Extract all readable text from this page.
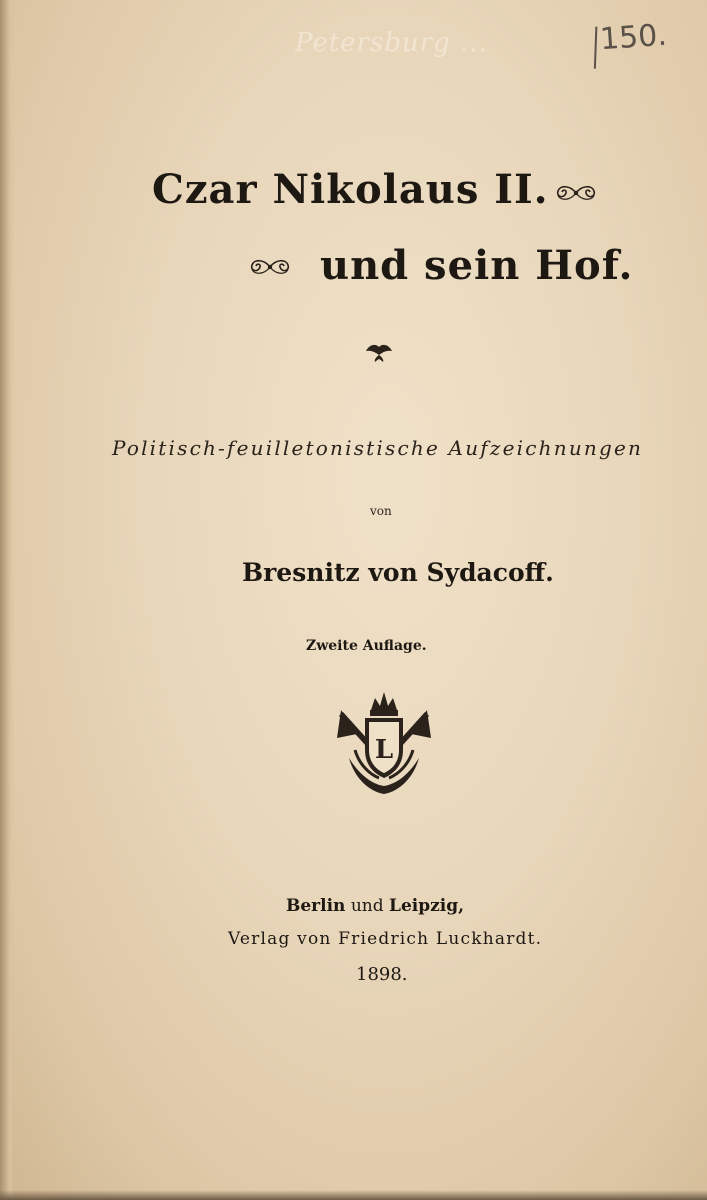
Petersburg ...	150.
Czar Nikolaus II.
und sein Hof.
Politisch-feuilletonistische Aufzeichnungen
von
Bresnitz von Sydacoff.
Zweite Auflage.
L
Berlin und Leipzig,
Verlag von Friedrich Luckhardt.
1898.
